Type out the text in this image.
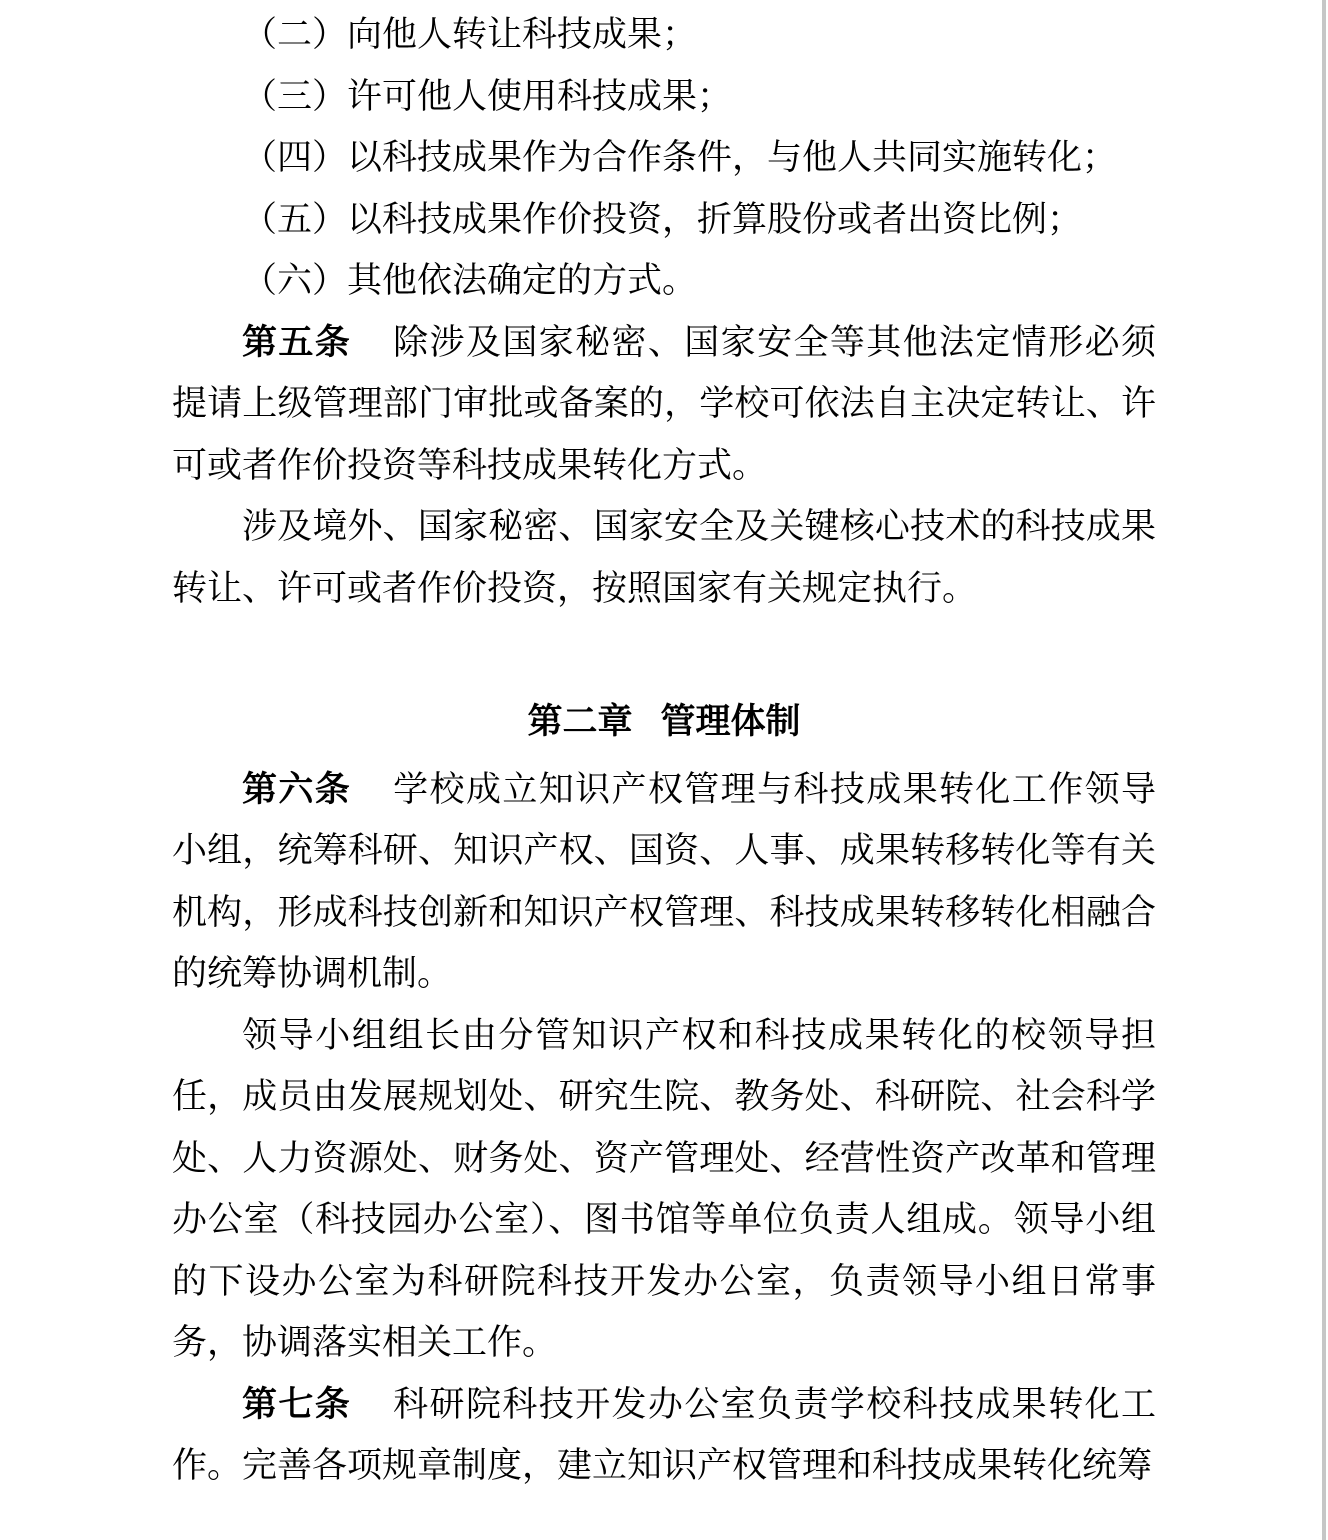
（二）向他人转让科技成果；

（三）许可他人使用科技成果；

（四）以科技成果作为合作条件，与他人共同实施转化；

（五）以科技成果作价投资，折算股份或者出资比例；

（六）其他依法确定的方式。

第五条 除涉及国家秘密、国家安全等其他法定情形必须提请上级管理部门审批或备案的，学校可依法自主决定转让、许可或者作价投资等科技成果转化方式。

涉及境外、国家秘密、国家安全及关键核心技术的科技成果转让、许可或者作价投资，按照国家有关规定执行。

第二章 管理体制

第六条 学校成立知识产权管理与科技成果转化工作领导小组，统筹科研、知识产权、国资、人事、成果转移转化等有关机构，形成科技创新和知识产权管理、科技成果转移转化相融合的统筹协调机制。

领导小组组长由分管知识产权和科技成果转化的校领导担任，成员由发展规划处、研究生院、教务处、科研院、社会科学处、人力资源处、财务处、资产管理处、经营性资产改革和管理办公室（科技园办公室）、图书馆等单位负责人组成。领导小组的下设办公室为科研院科技开发办公室，负责领导小组日常事务，协调落实相关工作。

第七条 科研院科技开发办公室负责学校科技成果转化工作。完善各项规章制度，建立知识产权管理和科技成果转化统筹
